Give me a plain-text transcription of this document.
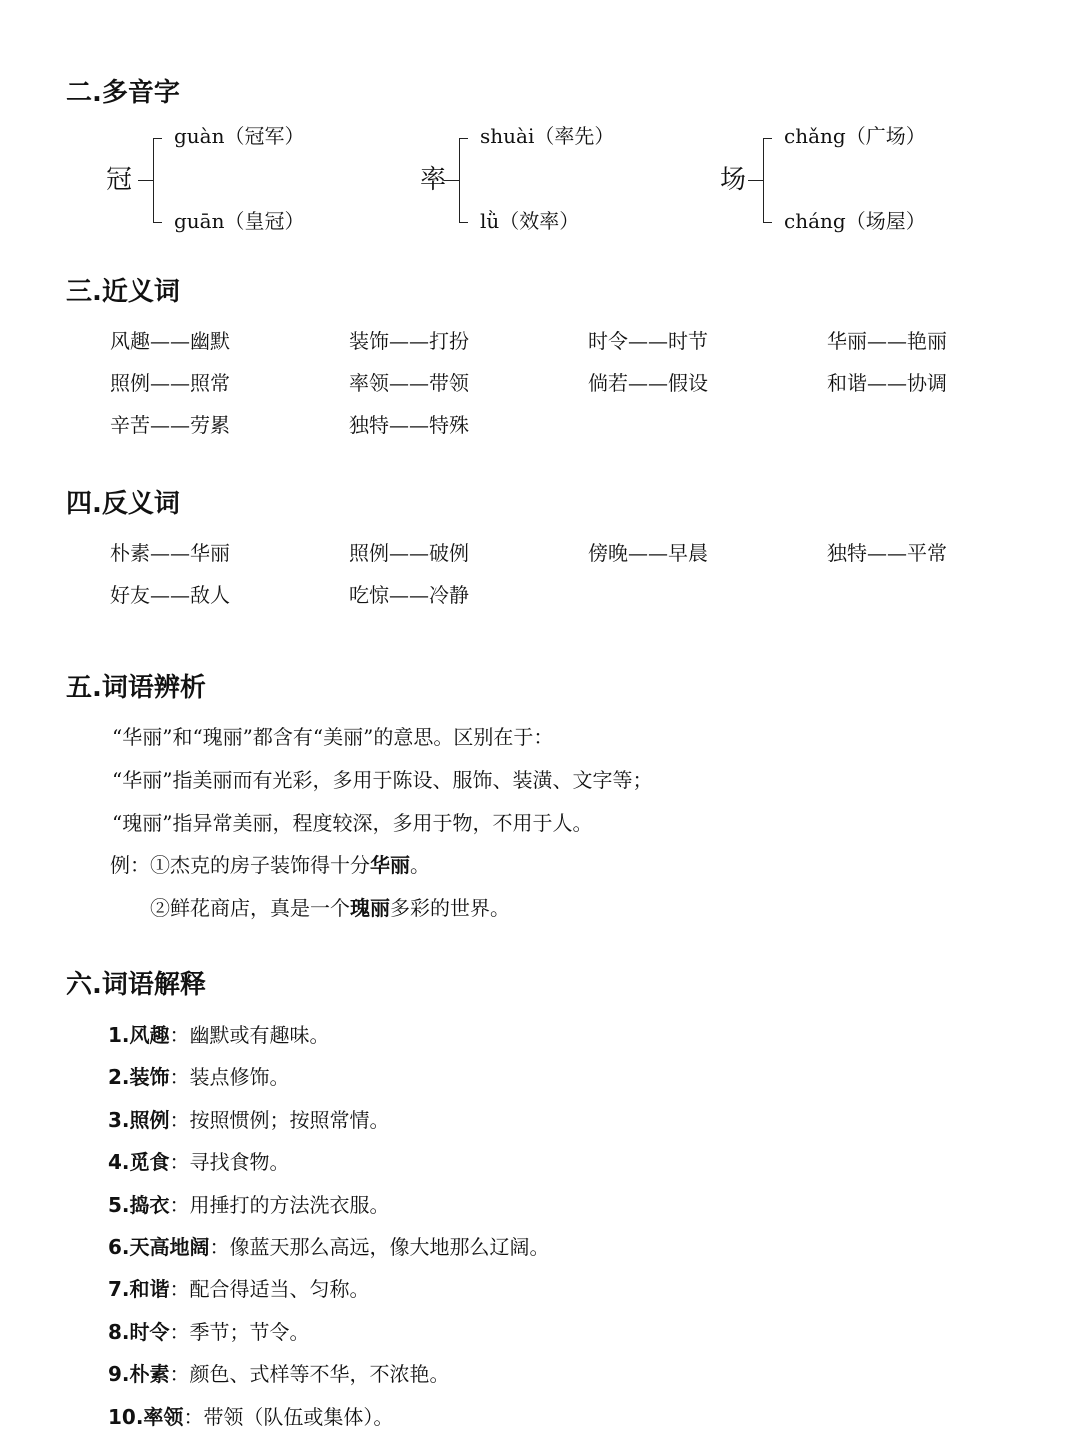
二.多音字
冠
guàn（冠军）
guān（皇冠）
率
shuài（率先）
lǜ（效率）
场
chǎng（广场）
cháng（场屋）
三.近义词
风趣——幽默	装饰——打扮	时令——时节	华丽——艳丽
照例——照常	率领——带领	倘若——假设	和谐——协调
辛苦——劳累	独特——特殊
四.反义词
朴素——华丽	照例——破例	傍晚——早晨	独特——平常
好友——敌人	吃惊——冷静
五.词语辨析
“华丽”和“瑰丽”都含有“美丽”的意思。区别在于：
“华丽”指美丽而有光彩，多用于陈设、服饰、装潢、文字等；
“瑰丽”指异常美丽，程度较深，多用于物，不用于人。
例：①杰克的房子装饰得十分华丽。
②鲜花商店，真是一个瑰丽多彩的世界。
六.词语解释
1.风趣：幽默或有趣味。
2.装饰：装点修饰。
3.照例：按照惯例；按照常情。
4.觅食：寻找食物。
5.捣衣：用捶打的方法洗衣服。
6.天高地阔：像蓝天那么高远，像大地那么辽阔。
7.和谐：配合得适当、匀称。
8.时令：季节；节令。
9.朴素：颜色、式样等不华，不浓艳。
10.率领：带领（队伍或集体）。
